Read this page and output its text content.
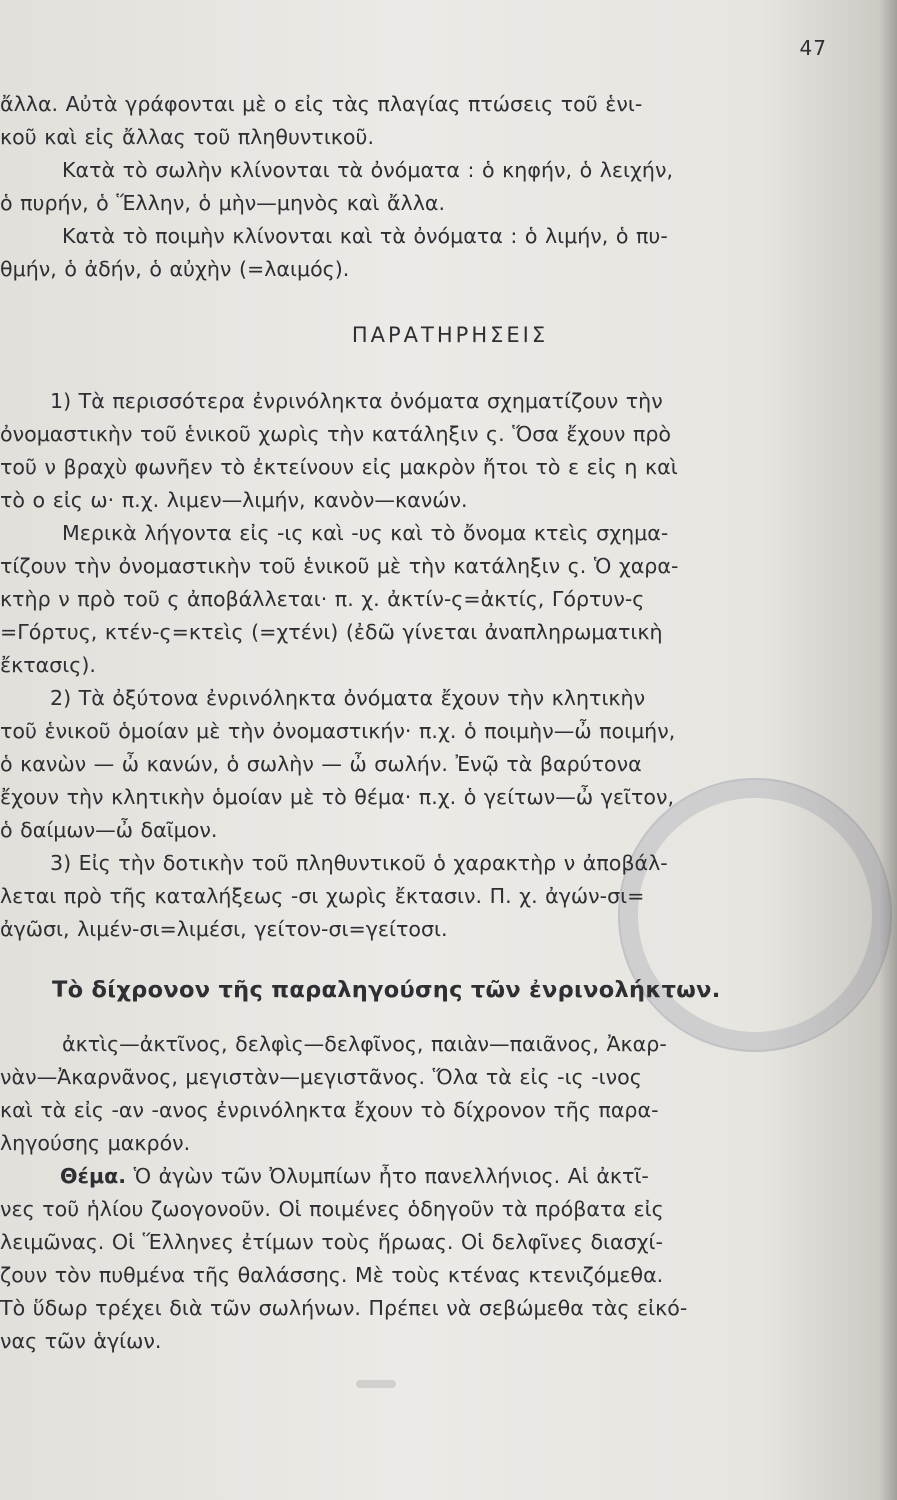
47
ἄλλα. Αὐτὰ γράφονται μὲ ο εἰς τὰς πλαγίας πτώσεις τοῦ ἑνι-
κοῦ καὶ εἰς ἄλλας τοῦ πληθυντικοῦ.
Κατὰ τὸ σωλὴν κλίνονται τὰ ὀνόματα : ὁ κηφήν, ὁ λειχήν,
ὁ πυρήν, ὁ Ἕλλην, ὁ μὴν—μηνὸς καὶ ἄλλα.
Κατὰ τὸ ποιμὴν κλίνονται καὶ τὰ ὀνόματα : ὁ λιμήν, ὁ πυ-
θμήν, ὁ ἀδήν, ὁ αὐχὴν (=λαιμός).
ΠΑΡΑΤΗΡΗΣΕΙΣ
1) Τὰ περισσότερα ἐνρινόληκτα ὀνόματα σχηματίζουν τὴν
ὀνομαστικὴν τοῦ ἑνικοῦ χωρὶς τὴν κατάληξιν ς. Ὅσα ἔχουν πρὸ
τοῦ ν βραχὺ φωνῆεν τὸ ἐκτείνουν εἰς μακρὸν ἤτοι τὸ ε εἰς η καὶ
τὸ ο εἰς ω· π.χ. λιμεν—λιμήν, κανὸν—κανών.
Μερικὰ λήγοντα εἰς -ις καὶ -υς καὶ τὸ ὄνομα κτεὶς σχημα-
τίζουν τὴν ὀνομαστικὴν τοῦ ἑνικοῦ μὲ τὴν κατάληξιν ς. Ὁ χαρα-
κτὴρ ν πρὸ τοῦ ς ἀποβάλλεται· π. χ. ἀκτίν-ς=ἀκτίς, Γόρτυν-ς
=Γόρτυς, κτέν-ς=κτεὶς (=χτένι) (ἐδῶ γίνεται ἀναπληρωματικὴ
ἔκτασις).
2) Τὰ ὀξύτονα ἐνρινόληκτα ὀνόματα ἔχουν τὴν κλητικὴν
τοῦ ἑνικοῦ ὁμοίαν μὲ τὴν ὀνομαστικήν· π.χ. ὁ ποιμὴν—ὦ ποιμήν,
ὁ κανὼν — ὦ κανών, ὁ σωλὴν — ὦ σωλήν. Ἐνῷ τὰ βαρύτονα
ἔχουν τὴν κλητικὴν ὁμοίαν μὲ τὸ θέμα· π.χ. ὁ γείτων—ὦ γεῖτον,
ὁ δαίμων—ὦ δαῖμον.
3) Εἰς τὴν δοτικὴν τοῦ πληθυντικοῦ ὁ χαρακτὴρ ν ἀποβάλ-
λεται πρὸ τῆς καταλήξεως -σι χωρὶς ἔκτασιν. Π. χ. ἀγών-σι=
ἀγῶσι, λιμέν-σι=λιμέσι, γείτον-σι=γείτοσι.
Τὸ δίχρονον τῆς παραληγούσης τῶν ἐνρινολήκτων.
ἀκτὶς—ἀκτῖνος, δελφὶς—δελφῖνος, παιὰν—παιᾶνος, Ἀκαρ-
νὰν—Ἀκαρνᾶνος, μεγιστὰν—μεγιστᾶνος. Ὅλα τὰ εἰς -ις -ινος
καὶ τὰ εἰς -αν -ανος ἐνρινόληκτα ἔχουν τὸ δίχρονον τῆς παρα-
ληγούσης μακρόν.
Θέμα. Ὁ ἀγὼν τῶν Ὀλυμπίων ἦτο πανελλήνιος. Αἱ ἀκτῖ-
νες τοῦ ἡλίου ζωογονοῦν. Οἱ ποιμένες ὁδηγοῦν τὰ πρόβατα εἰς
λειμῶνας. Οἱ Ἕλληνες ἐτίμων τοὺς ἥρωας. Οἱ δελφῖνες διασχί-
ζουν τὸν πυθμένα τῆς θαλάσσης. Μὲ τοὺς κτένας κτενιζόμεθα.
Τὸ ὕδωρ τρέχει διὰ τῶν σωλήνων. Πρέπει νὰ σεβώμεθα τὰς εἰκό-
νας τῶν ἁγίων.
